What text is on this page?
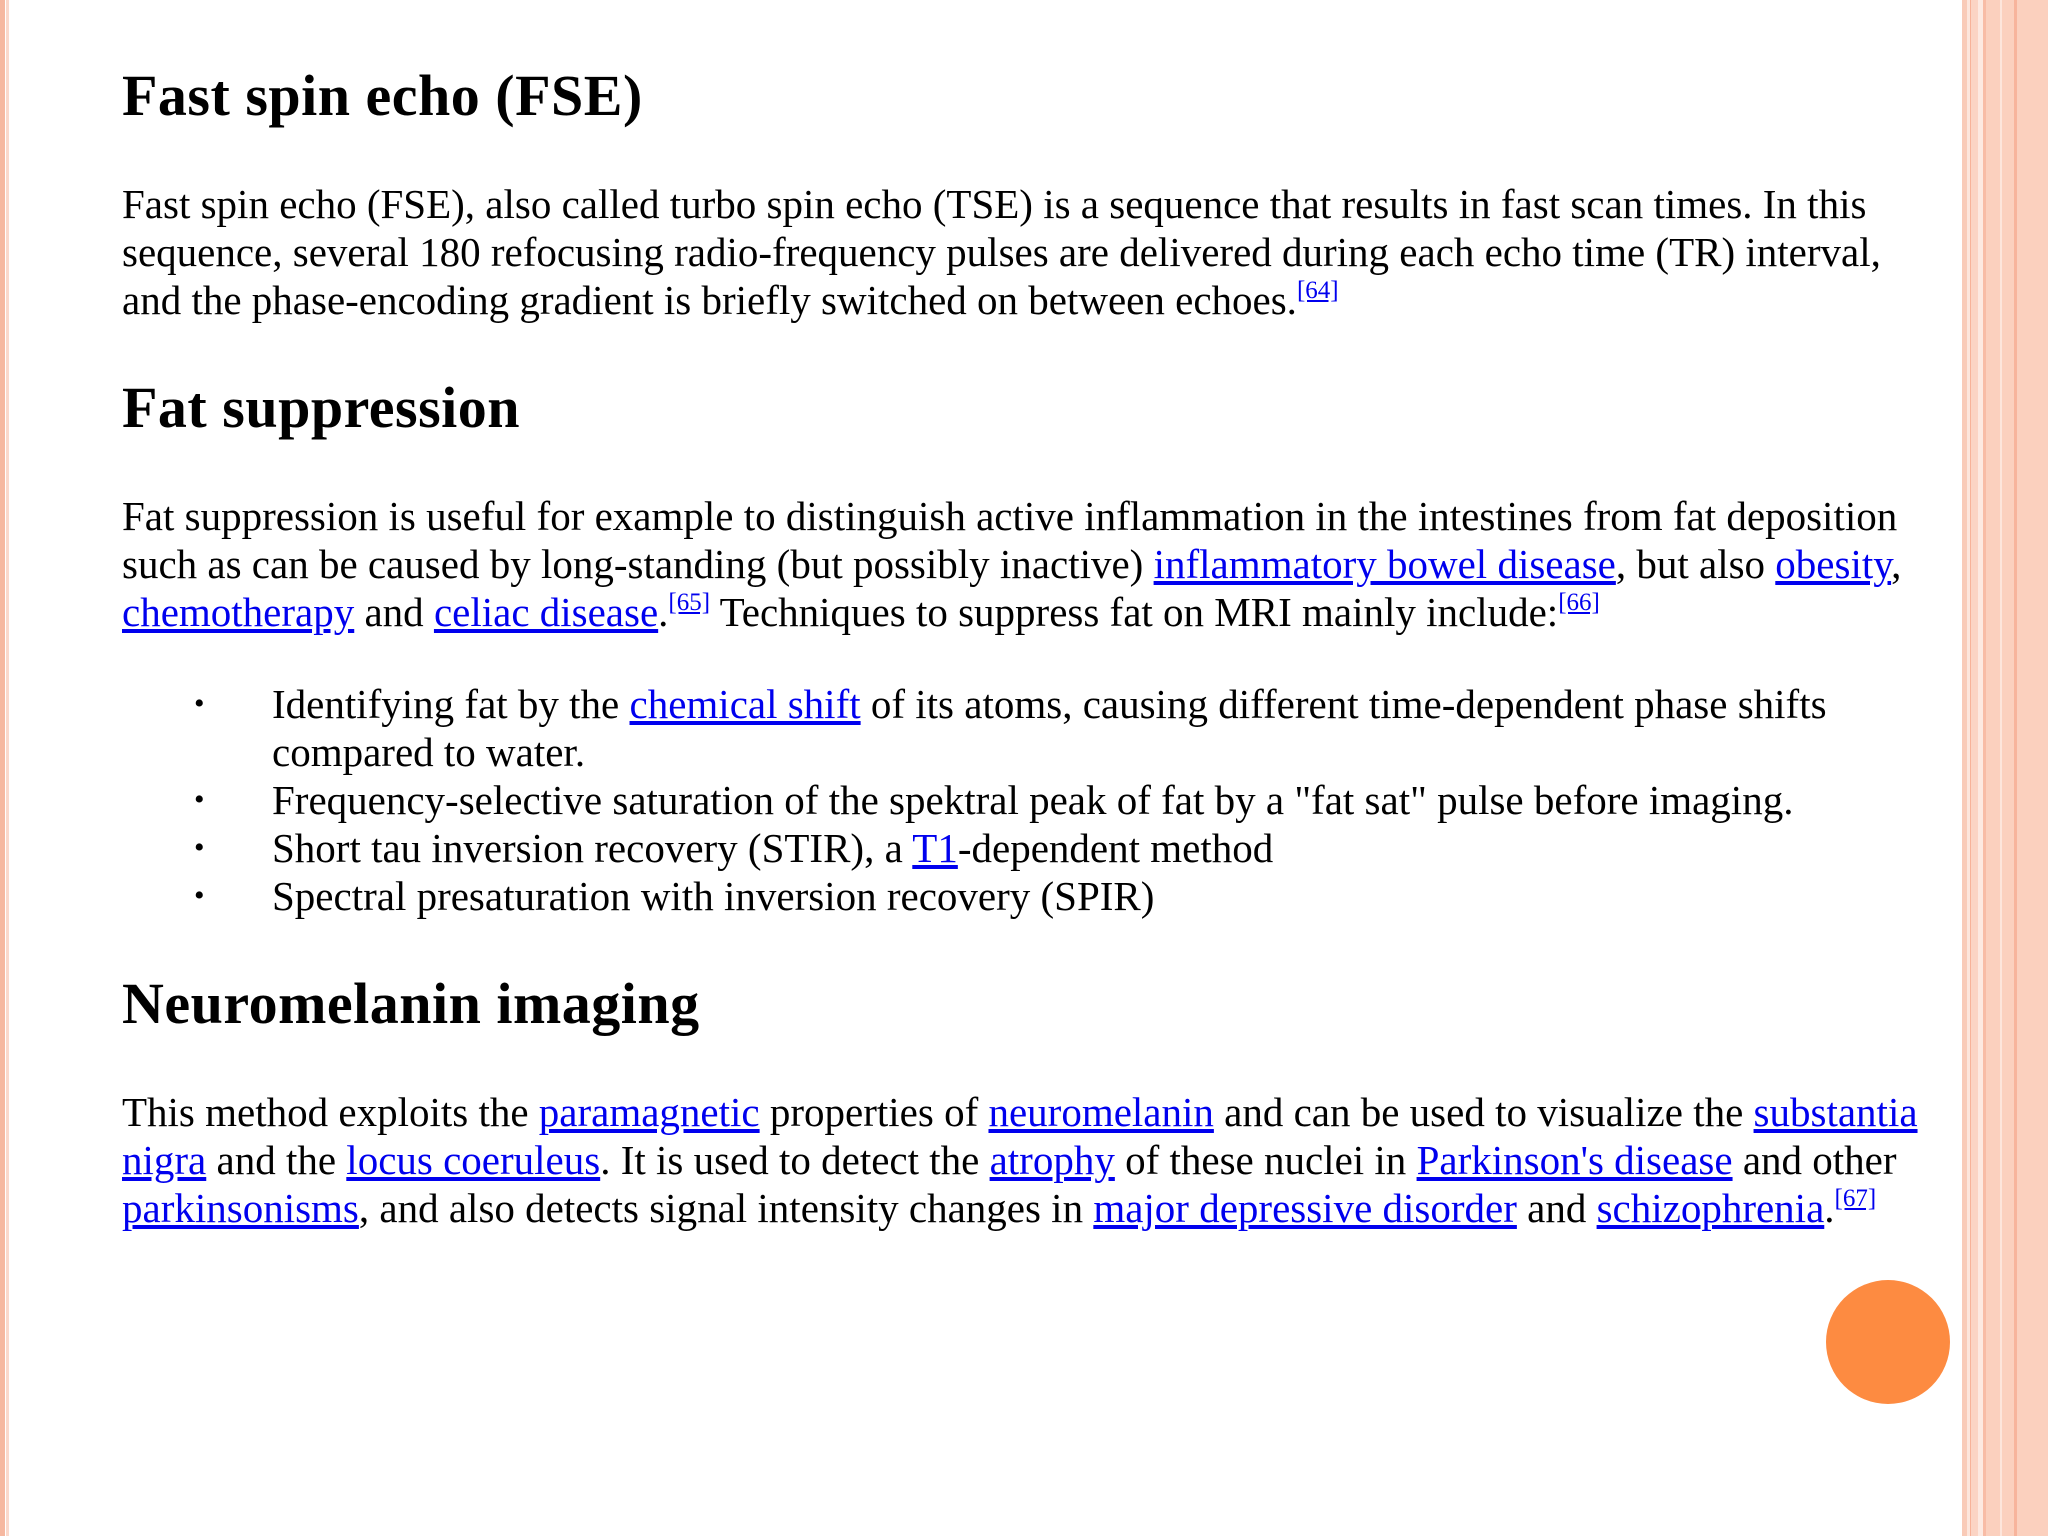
Fast spin echo (FSE)

Fast spin echo (FSE), also called turbo spin echo (TSE) is a sequence that results in fast scan times. In this sequence, several 180 refocusing radio-frequency pulses are delivered during each echo time (TR) interval, and the phase-encoding gradient is briefly switched on between echoes.[64]

Fat suppression

Fat suppression is useful for example to distinguish active inflammation in the intestines from fat deposition such as can be caused by long-standing (but possibly inactive) inflammatory bowel disease, but also obesity, chemotherapy and celiac disease.[65] Techniques to suppress fat on MRI mainly include:[66]

• Identifying fat by the chemical shift of its atoms, causing different time-dependent phase shifts compared to water.
• Frequency-selective saturation of the spektral peak of fat by a "fat sat" pulse before imaging.
• Short tau inversion recovery (STIR), a T1-dependent method
• Spectral presaturation with inversion recovery (SPIR)
Neuromelanin imaging

This method exploits the paramagnetic properties of neuromelanin and can be used to visualize the substantia nigra and the locus coeruleus. It is used to detect the atrophy of these nuclei in Parkinson's disease and other parkinsonisms, and also detects signal intensity changes in major depressive disorder and schizophrenia.[67]
